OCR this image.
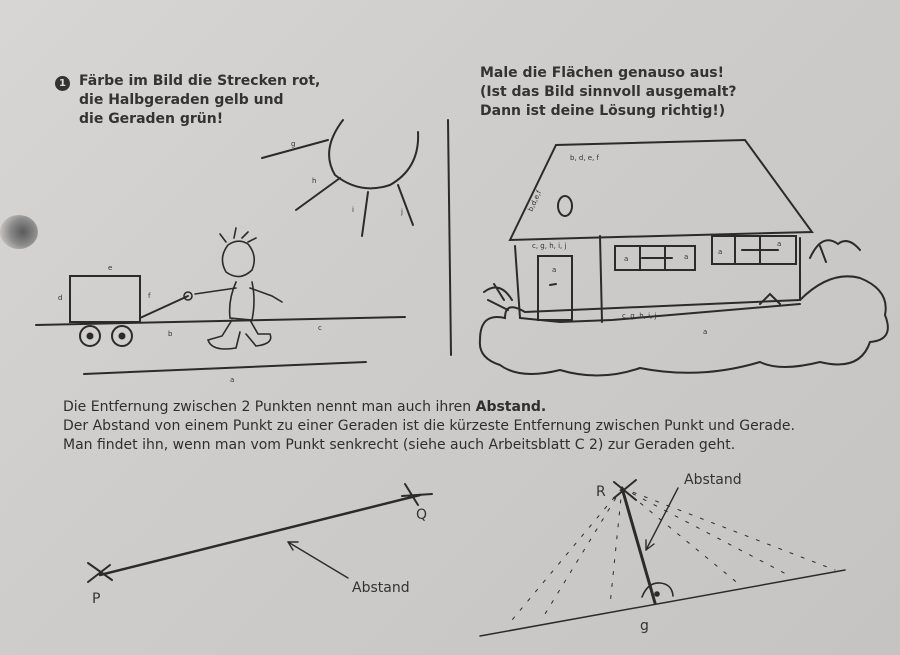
1 Färbe im Bild die Strecken rot,
die Halbgeraden gelb und
die Geraden grün!
Male die Flächen genauso aus!
(Ist das Bild sinnvoll ausgemalt?
Dann ist deine Lösung richtig!)
g
h
i	j
e
d	f
b
c
a
b, d, e, f
b,d,e,f
c, g, h, i, j
a
c, g, h, i, j
a
a	a
a
a
P
Q
Abstand
R
Abstand
g
Die Entfernung zwischen 2 Punkten nennt man auch ihren Abstand.
Der Abstand von einem Punkt zu einer Geraden ist die kürzeste Entfernung zwischen Punkt und Gerade.
Man findet ihn, wenn man vom Punkt senkrecht (siehe auch Arbeitsblatt C 2) zur Geraden geht.
